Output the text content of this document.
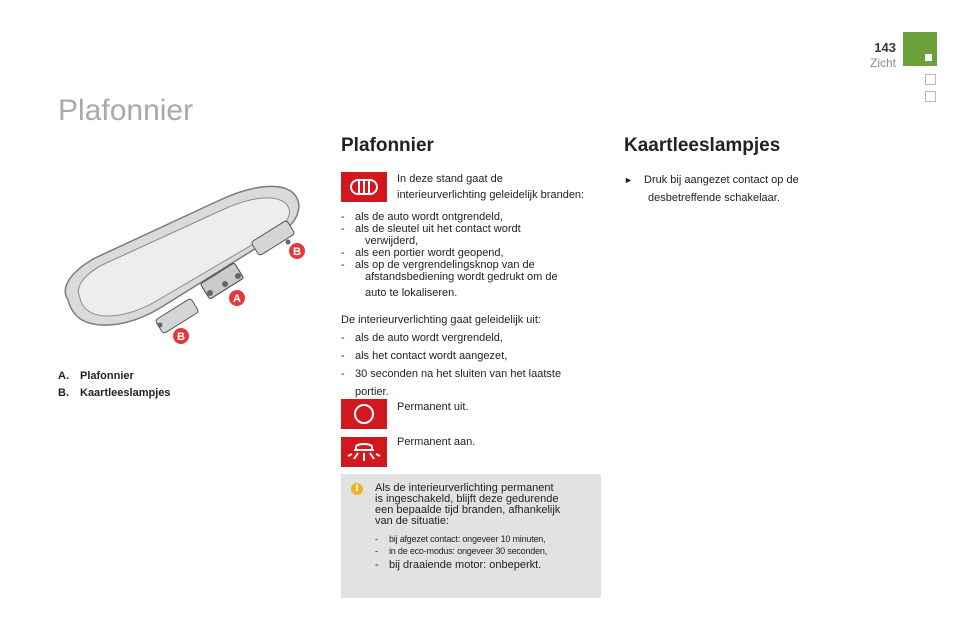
143
Zicht
Plafonnier
A
B
B
A. Plafonnier
B. Kaartleeslampjes
Plafonnier
In deze stand gaat de
interieurverlichting geleidelijk branden:
- als de auto wordt ontgrendeld,
- als de sleutel uit het contact wordt
verwijderd,
- als een portier wordt geopend,
- als op de vergrendelingsknop van de
afstandsbediening wordt gedrukt om de
auto te lokaliseren.
De interieurverlichting gaat geleidelijk uit:
- als de auto wordt vergrendeld,
- als het contact wordt aangezet,
- 30 seconden na het sluiten van het laatste
portier.
Permanent uit.
Permanent aan.
i	Als de interieurverlichting permanent
is ingeschakeld, blijft deze gedurende
een bepaalde tijd branden, afhankelijk
van de situatie:
- bij afgezet contact: ongeveer 10 minuten,
- in de eco-modus: ongeveer 30 seconden,
- bij draaiende motor: onbeperkt.
Kaartleeslampjes
► Druk bij aangezet contact op de
desbetreffende schakelaar.
